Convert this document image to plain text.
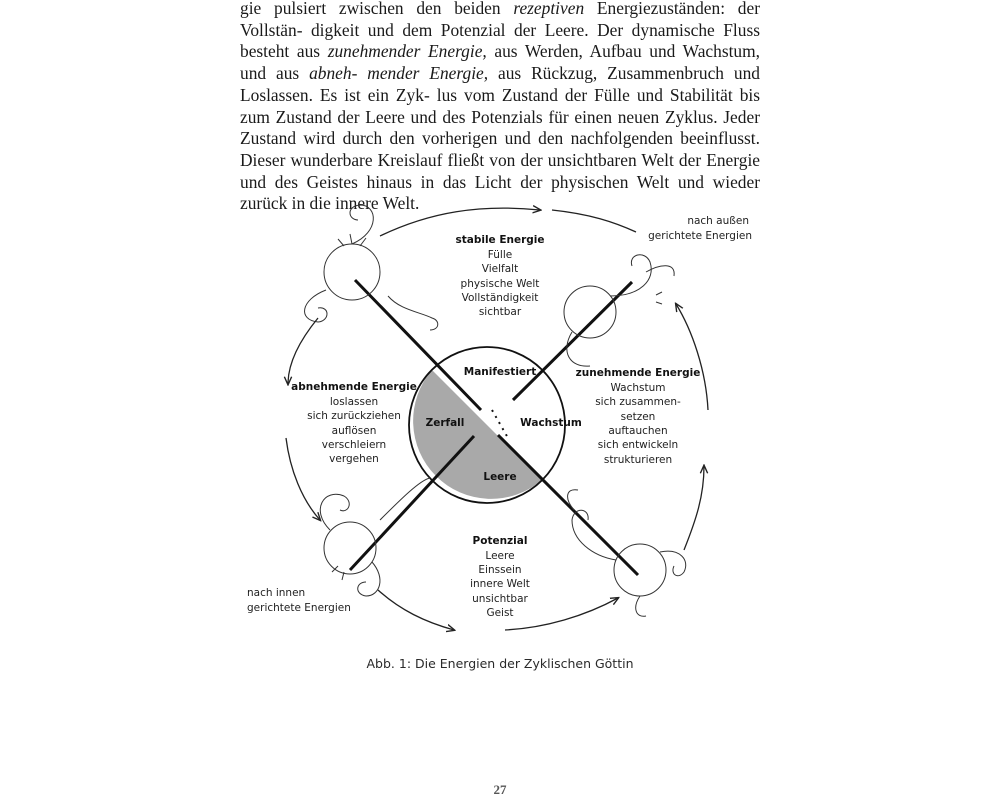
gie pulsiert zwischen den beiden rezeptiven Energiezuständen: der Vollstän- digkeit und dem Potenzial der Leere. Der dynamische Fluss besteht aus zunehmender Energie, aus Werden, Aufbau und Wachstum, und aus abneh- mender Energie, aus Rückzug, Zusammenbruch und Loslassen. Es ist ein Zyk- lus vom Zustand der Fülle und Stabilität bis zum Zustand der Leere und des Potenzials für einen neuen Zyklus. Jeder Zustand wird durch den vorherigen und den nachfolgenden beeinflusst. Dieser wunderbare Kreislauf fließt von der unsichtbaren Welt der Energie und des Geistes hinaus in das Licht der physischen Welt und wieder zurück in die innere Welt.
stabile Energie
Fülle
Vielfalt
physische Welt
Vollständigkeit
sichtbar
abnehmende Energie
loslassen
sich zurückziehen
auflösen
verschleiern
vergehen
zunehmende Energie
Wachstum
sich zusammen-
setzen
auftauchen
sich entwickeln
strukturieren
Potenzial
Leere
Einssein
innere Welt
unsichtbar
Geist
Manifestiert
Zerfall	Wachstum
Leere
nach außen
gerichtete Energien
nach innen
gerichtete Energien
Abb. 1: Die Energien der Zyklischen Göttin
27
